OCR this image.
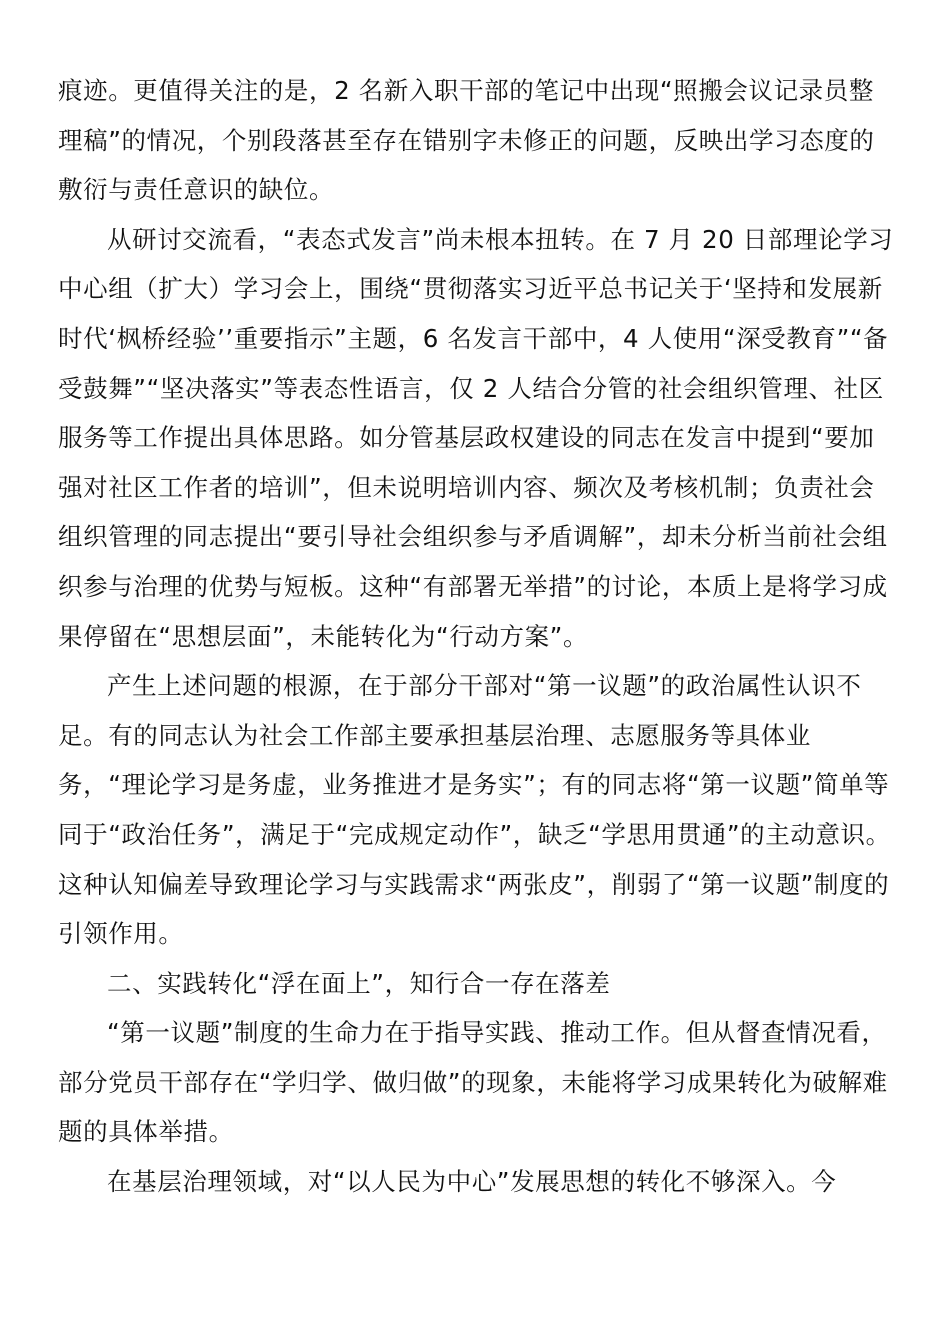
痕迹。更值得关注的是，2 名新入职干部的笔记中出现“照搬会议记录员整理稿”的情况，个别段落甚至存在错别字未修正的问题，反映出学习态度的敷衍与责任意识的缺位。

从研讨交流看，“表态式发言”尚未根本扭转。在 7 月 20 日部理论学习中心组（扩大）学习会上，围绕“贯彻落实习近平总书记关于‘坚持和发展新时代‘枫桥经验’’重要指示”主题，6 名发言干部中，4 人使用“深受教育”“备受鼓舞”“坚决落实”等表态性语言，仅 2 人结合分管的社会组织管理、社区服务等工作提出具体思路。如分管基层政权建设的同志在发言中提到“要加强对社区工作者的培训”，但未说明培训内容、频次及考核机制；负责社会组织管理的同志提出“要引导社会组织参与矛盾调解”，却未分析当前社会组织参与治理的优势与短板。这种“有部署无举措”的讨论，本质上是将学习成果停留在“思想层面”，未能转化为“行动方案”。

产生上述问题的根源，在于部分干部对“第一议题”的政治属性认识不足。有的同志认为社会工作部主要承担基层治理、志愿服务等具体业务，“理论学习是务虚，业务推进才是务实”；有的同志将“第一议题”简单等同于“政治任务”，满足于“完成规定动作”，缺乏“学思用贯通”的主动意识。这种认知偏差导致理论学习与实践需求“两张皮”，削弱了“第一议题”制度的引领作用。

二、实践转化“浮在面上”，知行合一存在落差

“第一议题”制度的生命力在于指导实践、推动工作。但从督查情况看，部分党员干部存在“学归学、做归做”的现象，未能将学习成果转化为破解难题的具体举措。

在基层治理领域，对“以人民为中心”发展思想的转化不够深入。今
